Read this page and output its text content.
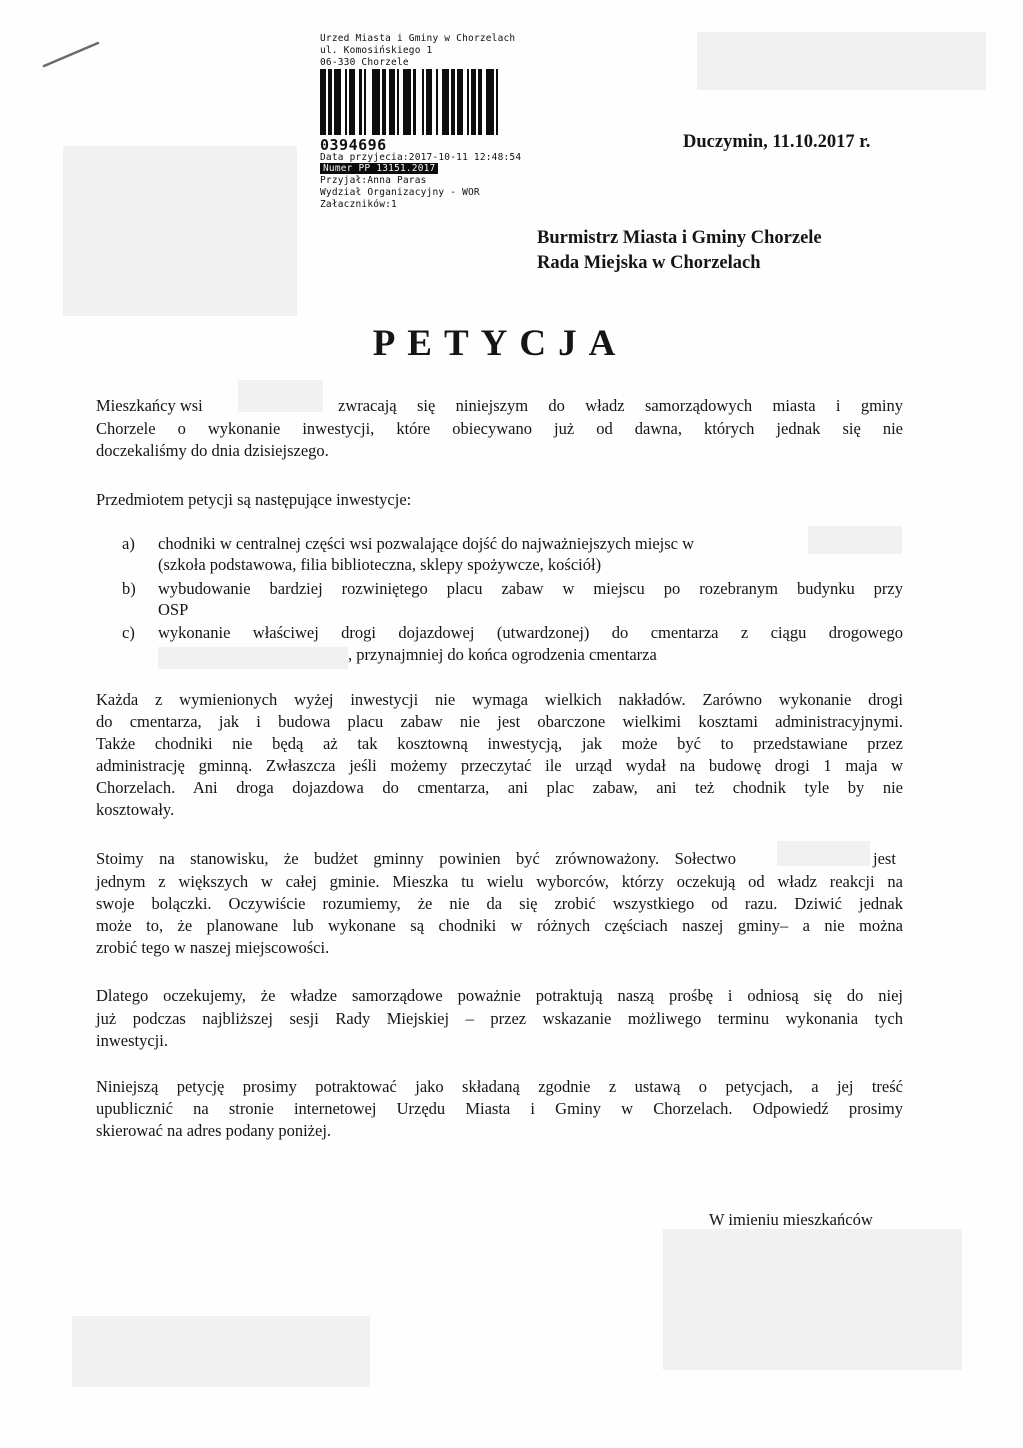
Urzed Miasta i Gminy w Chorzelach
ul. Komosińskiego 1
06-330 Chorzele
0394696
Data przyjecia:2017-10-11 12:48:54
Numer PP 13151.2017
Przyjał:Anna Paras
Wydział Organizacyjny - WOR
Załaczników:1
Duczymin, 11.10.2017 r.
Burmistrz Miasta i Gminy Chorzele
Rada Miejska w Chorzelach
PETYCJA
Mieszkańcy wsi	zwracają się niniejszym do władz samorządowych miasta i gminy
Chorzele o wykonanie inwestycji, które obiecywano już od dawna, których jednak się nie
doczekaliśmy do dnia dzisiejszego.
Przedmiotem petycji są następujące inwestycje:
a) chodniki w centralnej części wsi pozwalające dojść do najważniejszych miejsc w
(szkoła podstawowa, filia biblioteczna, sklepy spożywcze, kościół)
b) wybudowanie bardziej rozwiniętego placu zabaw w miejscu po rozebranym budynku przy
OSP
c) wykonanie właściwej drogi dojazdowej (utwardzonej) do cmentarza z ciągu drogowego
, przynajmniej do końca ogrodzenia cmentarza
Każda z wymienionych wyżej inwestycji nie wymaga wielkich nakładów. Zarówno wykonanie drogi
do cmentarza, jak i budowa placu zabaw nie jest obarczone wielkimi kosztami administracyjnymi.
Także chodniki nie będą aż tak kosztowną inwestycją, jak może być to przedstawiane przez
administrację gminną. Zwłaszcza jeśli możemy przeczytać ile urząd wydał na budowę drogi 1 maja w
Chorzelach. Ani droga dojazdowa do cmentarza, ani plac zabaw, ani też chodnik tyle by nie
kosztowały.
Stoimy na stanowisku, że budżet gminny powinien być zrównoważony. Sołectwo	jest
jednym z większych w całej gminie. Mieszka tu wielu wyborców, którzy oczekują od władz reakcji na
swoje bolączki. Oczywiście rozumiemy, że nie da się zrobić wszystkiego od razu. Dziwić jednak
może to, że planowane lub wykonane są chodniki w różnych częściach naszej gminy– a nie można
zrobić tego w naszej miejscowości.
Dlatego oczekujemy, że władze samorządowe poważnie potraktują naszą prośbę i odniosą się do niej
już podczas najbliższej sesji Rady Miejskiej – przez wskazanie możliwego terminu wykonania tych
inwestycji.
Niniejszą petycję prosimy potraktować jako składaną zgodnie z ustawą o petycjach, a jej treść
upublicznić na stronie internetowej Urzędu Miasta i Gminy w Chorzelach. Odpowiedź prosimy
skierować na adres podany poniżej.
W imieniu mieszkańców
